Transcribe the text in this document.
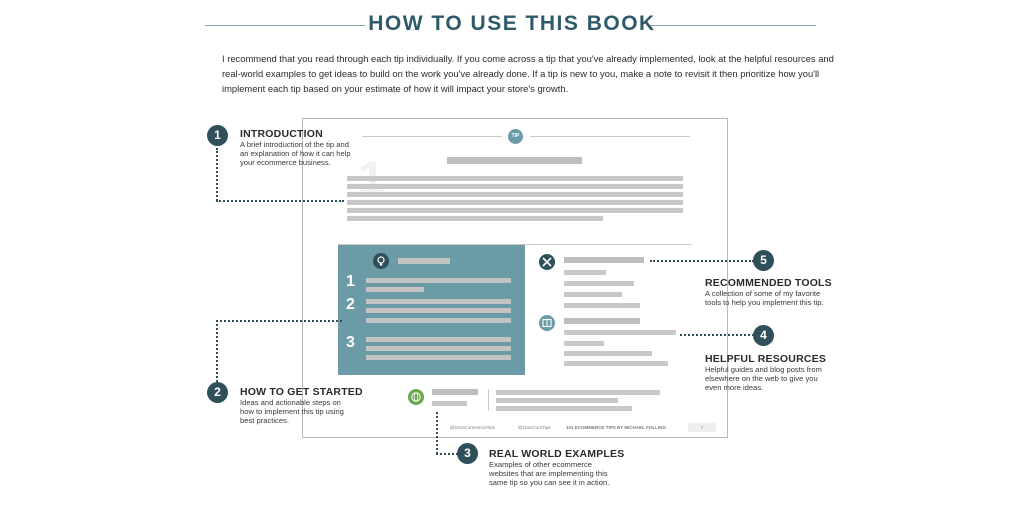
HOW TO USE THIS BOOK
I recommend that you read through each tip individually. If you come across a tip that you've already implemented, look at the helpful resources and real-world examples to get ideas to build on the work you've already done. If a tip is new to you, make a note to revisit it then prioritize how you'll implement each tip based on your estimate of how it will impact your store's growth.
TIP
1
2
3
@101eCommerceTips	@101eComTips	101 ECOMMERCE TIPS BY MICHAEL FOLLING	7
1	INTRODUCTION
A brief introduction of the tip and an explanation of how it can help your ecommerce business.
2	HOW TO GET STARTED
Ideas and actionable steps on how to implement this tip using best practices.
3	REAL WORLD EXAMPLES
Examples of other ecommerce websites that are implementing this same tip so you can see it in action.
4
HELPFUL RESOURCES
Helpful guides and blog posts from elsewhere on the web to give you even more ideas.
5
RECOMMENDED TOOLS
A collection of some of my favorite tools to help you implement this tip.
